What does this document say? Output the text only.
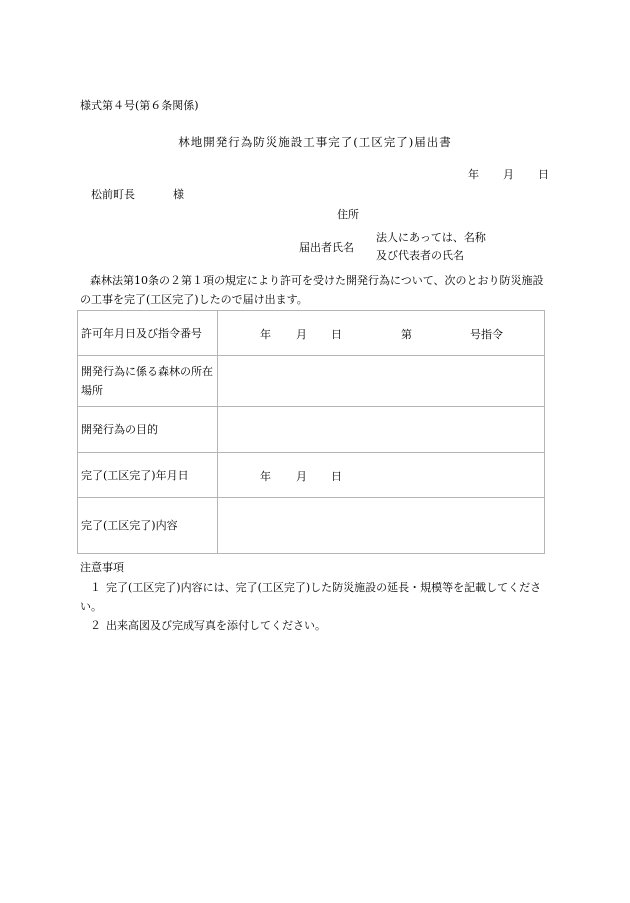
様式第４号(第６条関係)
林地開発行為防災施設工事完了(工区完了)届出書
年 月 日
松前町長	様
住所
届出者氏名
法人にあっては、名称及び代表者の氏名
森林法第10条の２第１項の規定により許可を受けた開発行為について、次のとおり防災施設の工事を完了(工区完了)したので届け出ます。
許可年月日及び指令番号	年 月 日 第 号指令

開発行為に係る森林の所在場所	
開発行為の目的	
完了(工区完了)年月日	年 月 日

完了(工区完了)内容	
注意事項
１ 完了(工区完了)内容には、完了(工区完了)した防災施設の延長・規模等を記載してください。
２ 出来高図及び完成写真を添付してください。
